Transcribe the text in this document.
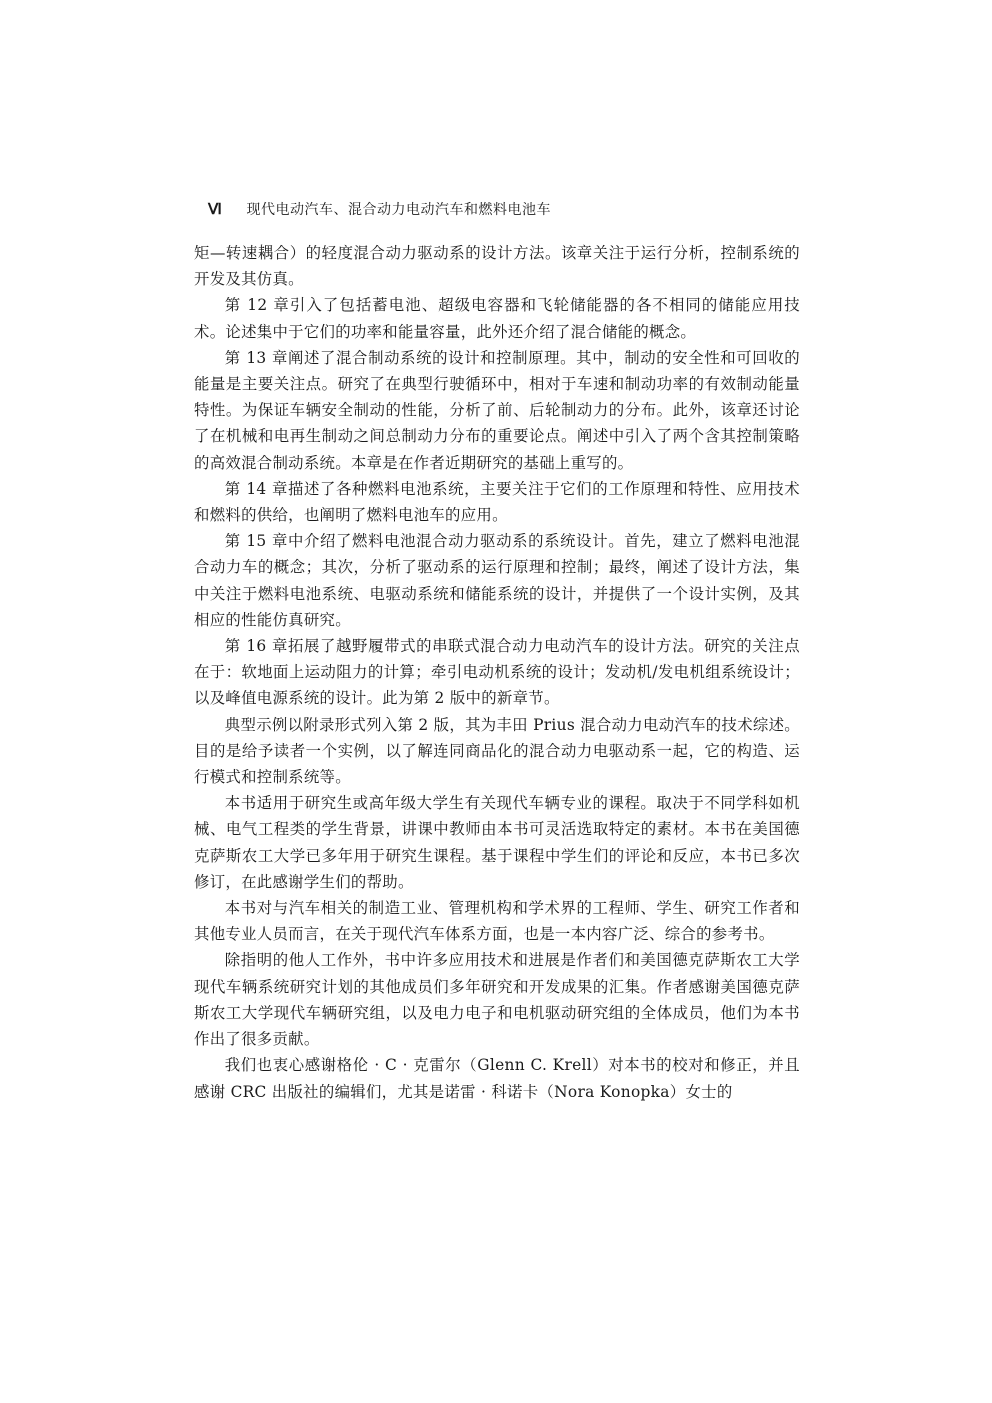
Ⅵ 现代电动汽车、混合动力电动汽车和燃料电池车

矩—转速耦合）的轻度混合动力驱动系的设计方法。该章关注于运行分析，控制系统的开发及其仿真。

第 12 章引入了包括蓄电池、超级电容器和飞轮储能器的各不相同的储能应用技术。论述集中于它们的功率和能量容量，此外还介绍了混合储能的概念。

第 13 章阐述了混合制动系统的设计和控制原理。其中，制动的安全性和可回收的能量是主要关注点。研究了在典型行驶循环中，相对于车速和制动功率的有效制动能量特性。为保证车辆安全制动的性能，分析了前、后轮制动力的分布。此外，该章还讨论了在机械和电再生制动之间总制动力分布的重要论点。阐述中引入了两个含其控制策略的高效混合制动系统。本章是在作者近期研究的基础上重写的。

第 14 章描述了各种燃料电池系统，主要关注于它们的工作原理和特性、应用技术和燃料的供给，也阐明了燃料电池车的应用。

第 15 章中介绍了燃料电池混合动力驱动系的系统设计。首先，建立了燃料电池混合动力车的概念；其次，分析了驱动系的运行原理和控制；最终，阐述了设计方法，集中关注于燃料电池系统、电驱动系统和储能系统的设计，并提供了一个设计实例，及其相应的性能仿真研究。

第 16 章拓展了越野履带式的串联式混合动力电动汽车的设计方法。研究的关注点在于：软地面上运动阻力的计算；牵引电动机系统的设计；发动机/发电机组系统设计；以及峰值电源系统的设计。此为第 2 版中的新章节。

典型示例以附录形式列入第 2 版，其为丰田 Prius 混合动力电动汽车的技术综述。目的是给予读者一个实例，以了解连同商品化的混合动力电驱动系一起，它的构造、运行模式和控制系统等。

本书适用于研究生或高年级大学生有关现代车辆专业的课程。取决于不同学科如机械、电气工程类的学生背景，讲课中教师由本书可灵活选取特定的素材。本书在美国德克萨斯农工大学已多年用于研究生课程。基于课程中学生们的评论和反应，本书已多次修订，在此感谢学生们的帮助。

本书对与汽车相关的制造工业、管理机构和学术界的工程师、学生、研究工作者和其他专业人员而言，在关于现代汽车体系方面，也是一本内容广泛、综合的参考书。

除指明的他人工作外，书中许多应用技术和进展是作者们和美国德克萨斯农工大学现代车辆系统研究计划的其他成员们多年研究和开发成果的汇集。作者感谢美国德克萨斯农工大学现代车辆研究组，以及电力电子和电机驱动研究组的全体成员，他们为本书作出了很多贡献。

我们也衷心感谢格伦 · C · 克雷尔（Glenn C. Krell）对本书的校对和修正，并且感谢 CRC 出版社的编辑们，尤其是诺雷 · 科诺卡（Nora Konopka）女士的
